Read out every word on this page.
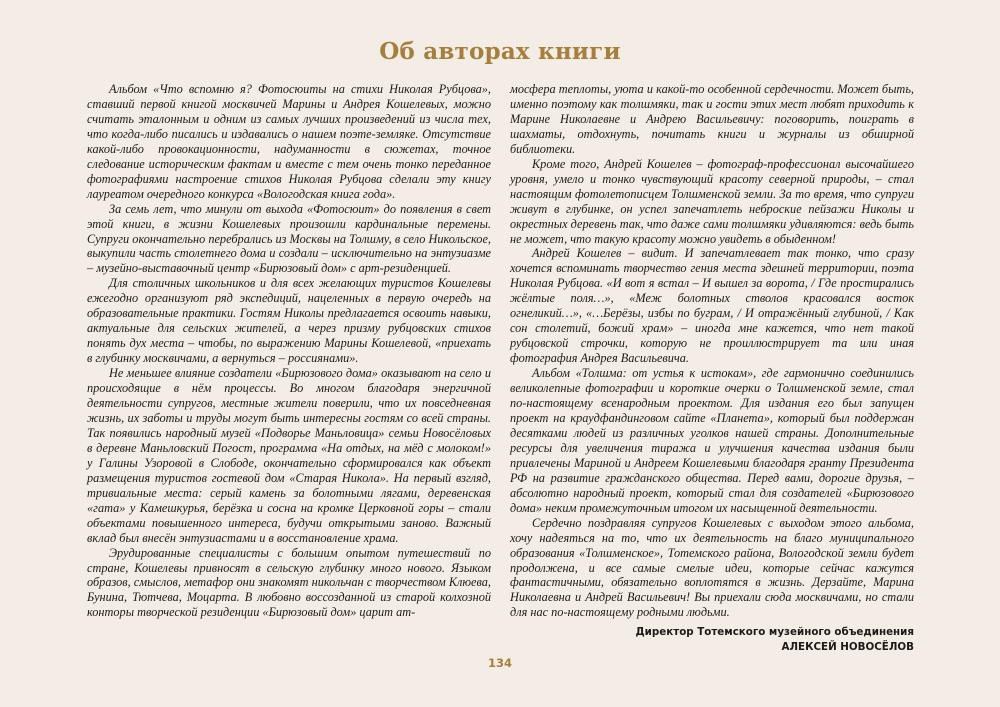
Об авторах книги

Альбом «Что вспомню я? Фотосюиты на стихи Николая Рубцова», ставший первой книгой москвичей Марины и Андрея Кошелевых, можно считать эталонным и одним из самых лучших произведений из числа тех, что когда-либо писались и издавались о нашем поэте-земляке. Отсутствие какой-либо провокационности, надуманности в сюжетах, точное следование историческим фактам и вместе с тем очень тонко переданное фотографиями настроение стихов Николая Рубцова сделали эту книгу лауреатом очередного конкурса «Вологодская книга года».

За семь лет, что минули от выхода «Фотосюит» до появления в свет этой книги, в жизни Кошелевых произошли кардинальные перемены. Супруги окончательно перебрались из Москвы на Толшму, в село Никольское, выкупили часть столетнего дома и создали – исключительно на энтузиазме – музейно-выставочный центр «Бирюзовый дом» с арт-резиденцией.

Для столичных школьников и для всех желающих туристов Кошелевы ежегодно организуют ряд экспедиций, нацеленных в первую очередь на образовательные практики. Гостям Николы предлагается освоить навыки, актуальные для сельских жителей, а через призму рубцовских стихов понять дух места – чтобы, по выражению Марины Кошелевой, «приехать в глубинку москвичами, а вернуться – россиянами».

Не меньшее влияние создатели «Бирюзового дома» оказывают на село и происходящие в нём процессы. Во многом благодаря энергичной деятельности супругов, местные жители поверили, что их повседневная жизнь, их заботы и труды могут быть интересны гостям со всей страны. Так появились народный музей «Подворье Маньловица» семьи Новосёловых в деревне Маньловский Погост, программа «На отдых, на мёд с молоком!» у Галины Узоровой в Слободе, окончательно сформировался как объект размещения туристов гостевой дом «Старая Никола». На первый взгляд, тривиальные места: серый камень за болотными лягами, деревенская «гата» у Камешкурья, берёзка и сосна на кромке Церковной горы – стали объектами повышенного интереса, будучи открытыми заново. Важный вклад был внесён энтузиастами и в восстановление храма.

Эрудированные специалисты с большим опытом путешествий по стране, Кошелевы привносят в сельскую глубинку много нового. Языком образов, смыслов, метафор они знакомят никольчан с творчеством Клюева, Бунина, Тютчева, Моцарта. В любовно воссозданной из старой колхозной конторы творческой резиденции «Бирюзовый дом» царит ат-

мосфера теплоты, уюта и какой-то особенной сердечности. Может быть, именно поэтому как толшмяки, так и гости этих мест любят приходить к Марине Николаевне и Андрею Васильевичу: поговорить, поиграть в шахматы, отдохнуть, почитать книги и журналы из обширной библиотеки.

Кроме того, Андрей Кошелев – фотограф-профессионал высочайшего уровня, умело и тонко чувствующий красоту северной природы, – стал настоящим фотолетописцем Толшменской земли. За то время, что супруги живут в глубинке, он успел запечатлеть неброские пейзажи Николы и окрестных деревень так, что даже сами толшмяки удивляются: ведь быть не может, что такую красоту можно увидеть в обыденном!

Андрей Кошелев – видит. И запечатлевает так тонко, что сразу хочется вспоминать творчество гения места здешней территории, поэта Николая Рубцова. «И вот я встал – И вышел за ворота, / Где простирались жёлтые поля…», «Меж болотных стволов красовался восток огнеликий…», «…Берёзы, избы по буграм, / И отражённый глубиной, / Как сон столетий, божий храм» – иногда мне кажется, что нет такой рубцовской строчки, которую не проиллюстрирует та или иная фотография Андрея Васильевича.

Альбом «Толшма: от устья к истокам», где гармонично соединились великолепные фотографии и короткие очерки о Толшменской земле, стал по-настоящему всенародным проектом. Для издания его был запущен проект на краудфандинговом сайте «Планета», который был поддержан десятками людей из различных уголков нашей страны. Дополнительные ресурсы для увеличения тиража и улучшения качества издания были привлечены Мариной и Андреем Кошелевыми благодаря гранту Президента РФ на развитие гражданского общества. Перед вами, дорогие друзья, – абсолютно народный проект, который стал для создателей «Бирюзового дома» неким промежуточным итогом их насыщенной деятельности.

Сердечно поздравляя супругов Кошелевых с выходом этого альбома, хочу надеяться на то, что их деятельность на благо муниципального образования «Толшменское», Тотемского района, Вологодской земли будет продолжена, и все самые смелые идеи, которые сейчас кажутся фантастичными, обязательно воплотятся в жизнь. Дерзайте, Марина Николаевна и Андрей Васильевич! Вы приехали сюда москвичами, но стали для нас по-настоящему родными людьми.

Директор Тотемского музейного объединения
АЛЕКСЕЙ НОВОСЁЛОВ
134
